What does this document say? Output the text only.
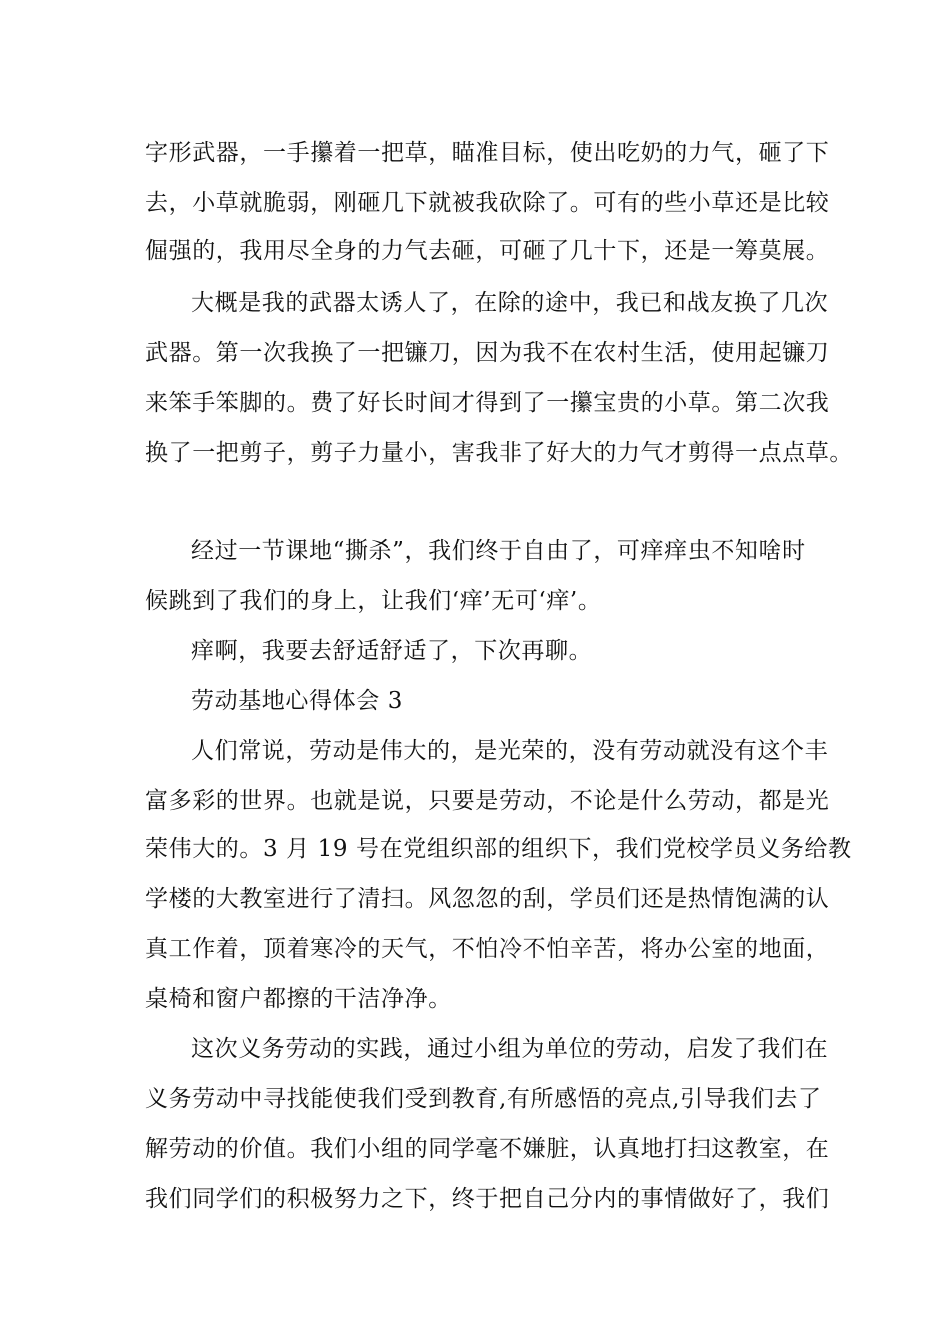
字形武器，一手攥着一把草，瞄准目标，使出吃奶的力气，砸了下
去，小草就脆弱，刚砸几下就被我砍除了。可有的些小草还是比较
倔强的，我用尽全身的力气去砸，可砸了几十下，还是一筹莫展。
大概是我的武器太诱人了，在除的途中，我已和战友换了几次
武器。第一次我换了一把镰刀，因为我不在农村生活，使用起镰刀
来笨手笨脚的。费了好长时间才得到了一攥宝贵的小草。第二次我
换了一把剪子，剪子力量小，害我非了好大的力气才剪得一点点草。
经过一节课地“撕杀”，我们终于自由了，可痒痒虫不知啥时
候跳到了我们的身上，让我们‘痒’无可‘痒’。
痒啊，我要去舒适舒适了，下次再聊。
劳动基地心得体会 3
人们常说，劳动是伟大的，是光荣的，没有劳动就没有这个丰
富多彩的世界。也就是说，只要是劳动，不论是什么劳动，都是光
荣伟大的。3 月 19 号在党组织部的组织下，我们党校学员义务给教
学楼的大教室进行了清扫。风忽忽的刮，学员们还是热情饱满的认
真工作着，顶着寒冷的天气，不怕冷不怕辛苦，将办公室的地面，
桌椅和窗户都擦的干洁净净。
这次义务劳动的实践，通过小组为单位的劳动，启发了我们在
义务劳动中寻找能使我们受到教育,有所感悟的亮点,引导我们去了
解劳动的价值。我们小组的同学毫不嫌脏，认真地打扫这教室，在
我们同学们的积极努力之下，终于把自己分内的事情做好了，我们
